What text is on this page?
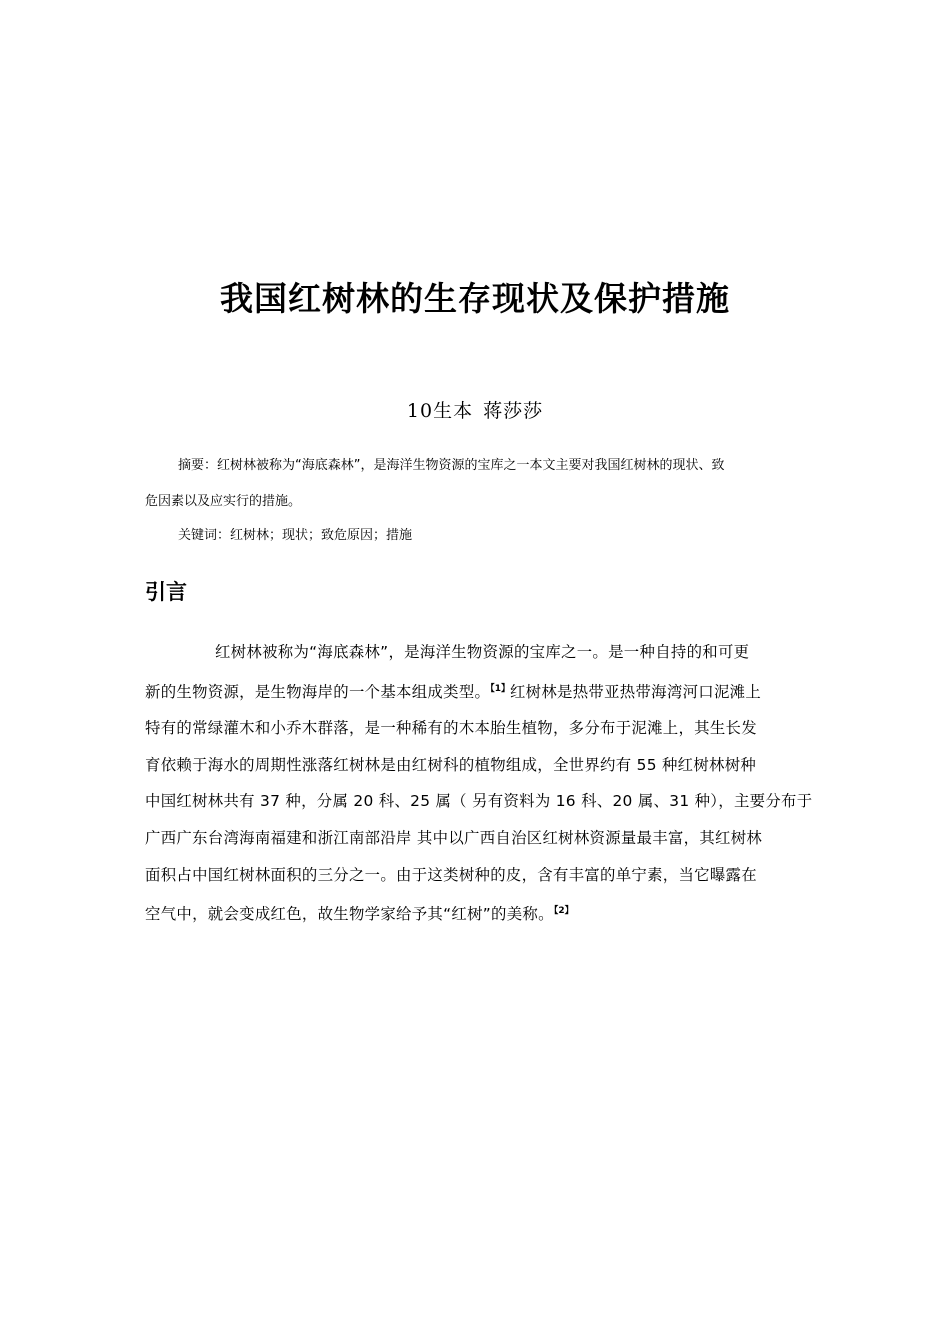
我国红树林的生存现状及保护措施
10生本 蒋莎莎
摘要：红树林被称为“海底森林”，是海洋生物资源的宝库之一本文主要对我国红树林的现状、致
危因素以及应实行的措施。
关键词：红树林；现状；致危原因；措施
引言
红树林被称为“海底森林”，是海洋生物资源的宝库之一。是一种自持的和可更
新的生物资源，是生物海岸的一个基本组成类型。$^{【1】}$红树林是热带亚热带海湾河口泥滩上
特有的常绿灌木和小乔木群落，是一种稀有的木本胎生植物，多分布于泥滩上，其生长发
育依赖于海水的周期性涨落红树林是由红树科的植物组成，全世界约有 55 种红树林树种
中国红树林共有 37 种，分属 20 科、25 属（ 另有资料为 16 科、20 属、31 种），主要分布于
广西广东台湾海南福建和浙江南部沿岸 其中以广西自治区红树林资源量最丰富，其红树林
面积占中国红树林面积的三分之一。由于这类树种的皮，含有丰富的单宁素，当它曝露在
空气中，就会变成红色，故生物学家给予其“红树”的美称。$^{【2】}$
